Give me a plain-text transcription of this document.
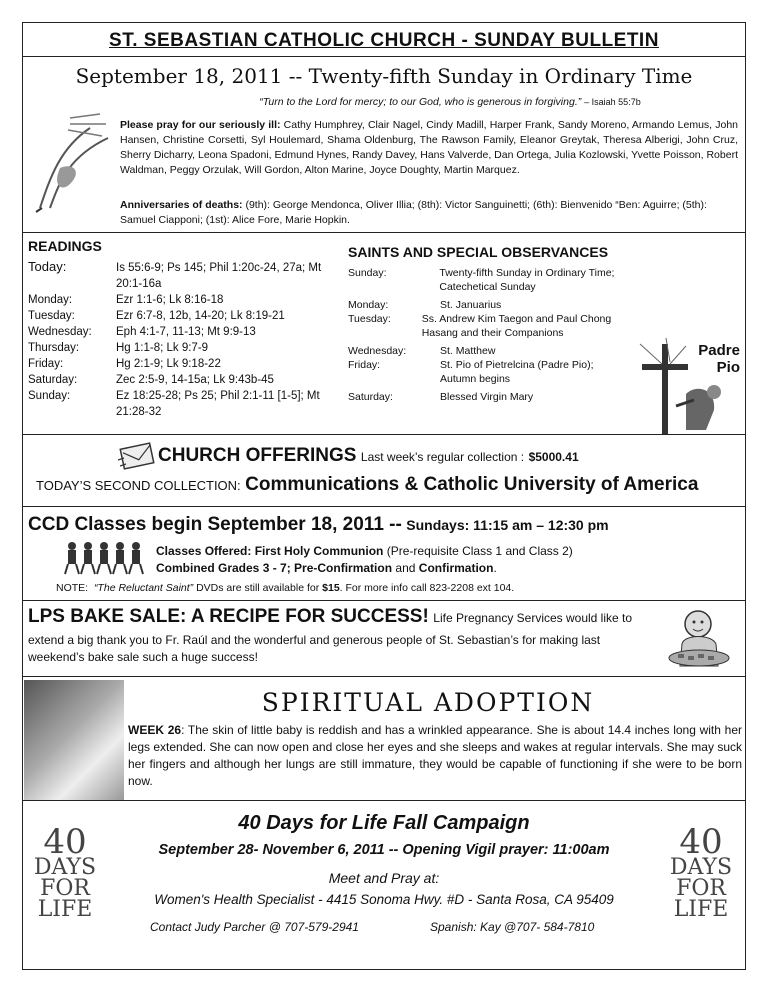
ST. SEBASTIAN CATHOLIC CHURCH - SUNDAY BULLETIN
September 18, 2011 -- Twenty-fifth Sunday in Ordinary Time
“Turn to the Lord for mercy; to our God, who is generous in forgiving.” – Isaiah 55:7b
Please pray for our seriously ill: Cathy Humphrey, Clair Nagel, Cindy Madill, Harper Frank, Sandy Moreno, Armando Lemus, John Hansen, Christine Corsetti, Syl Houlemard, Shama Oldenburg, The Rawson Family, Eleanor Greytak, Theresa Alberigi, John Cruz, Sherry Dicharry, Leona Spadoni, Edmund Hynes, Randy Davey, Hans Valverde, Dan Ortega, Julia Kozlowski, Yvette Poisson, Robert Waldman, Peggy Orzulak, Will Gordon, Alton Marine, Joyce Doughty, Martin Marquez.
Anniversaries of deaths: (9th): George Mendonca, Oliver Illia; (8th): Victor Sanguinetti; (6th): Bienvenido “Ben: Aguirre; (5th): Samuel Ciapponi; (1st): Alice Fore, Marie Hopkin.
READINGS
Today:	Is 55:6-9; Ps 145; Phil 1:20c-24, 27a; Mt 20:1-16a
Monday:	Ezr 1:1-6; Lk 8:16-18
Tuesday:	Ezr 6:7-8, 12b, 14-20; Lk 8:19-21
Wednesday:	Eph 4:1-7, 11-13; Mt 9:9-13
Thursday:	Hg 1:1-8; Lk 9:7-9
Friday:	Hg 2:1-9; Lk 9:18-22
Saturday:	Zec 2:5-9, 14-15a; Lk 9:43b-45
Sunday:	Ez 18:25-28; Ps 25; Phil 2:1-11 [1-5]; Mt 21:28-32
SAINTS AND SPECIAL OBSERVANCES
Sunday:	Twenty-fifth Sunday in Ordinary Time; Catechetical Sunday
Monday:	St. Januarius
Tuesday:	Ss. Andrew Kim Taegon and Paul Chong Hasang and their Companions
Wednesday:	St. Matthew
Friday:	St. Pio of Pietrelcina (Padre Pio); Autumn begins
Saturday:	Blessed Virgin Mary
Padre Pio
CHURCH OFFERINGS Last week’s regular collection : $5000.41
TODAY’S SECOND COLLECTION: Communications & Catholic University of America
CCD Classes begin September 18, 2011 -- Sundays: 11:15 am – 12:30 pm
Classes Offered: First Holy Communion (Pre-requisite Class 1 and Class 2)
Combined Grades 3 - 7; Pre-Confirmation and Confirmation.
NOTE: “The Reluctant Saint” DVDs are still available for $15. For more info call 823-2208 ext 104.
LPS BAKE SALE: A RECIPE FOR SUCCESS! Life Pregnancy Services would like to
extend a big thank you to Fr. Raúl and the wonderful and generous people of St. Sebastian’s for making last weekend’s bake sale such a huge success!
SPIRITUAL ADOPTION
WEEK 26: The skin of little baby is reddish and has a wrinkled appearance. She is about 14.4 inches long with her legs extended. She can now open and close her eyes and she sleeps and wakes at regular intervals. She may suck her fingers and although her lungs are still immature, they would be capable of functioning if she were to be born now.
40
DAYS
FOR
LIFE
40
DAYS
FOR
LIFE
40 Days for Life Fall Campaign
September 28- November 6, 2011 -- Opening Vigil prayer: 11:00am
Meet and Pray at:
Women's Health Specialist - 4415 Sonoma Hwy. #D - Santa Rosa, CA 95409
Contact Judy Parcher @ 707-579-2941	Spanish: Kay @707- 584-7810
